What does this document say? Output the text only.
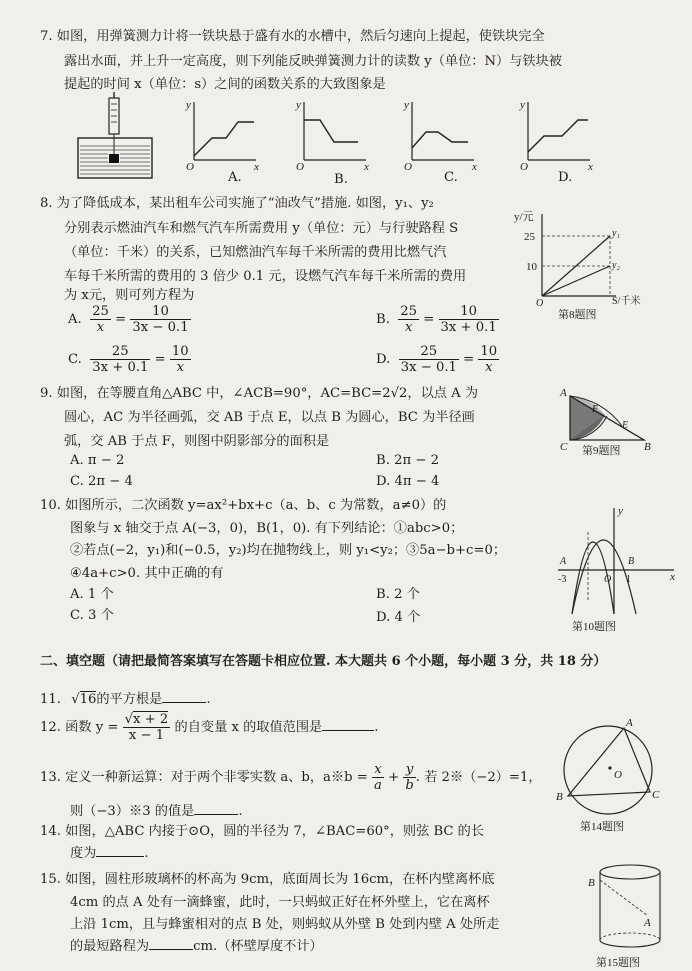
7. 如图，用弹簧测力计将一铁块悬于盛有水的水槽中，然后匀速向上提起，使铁块完全
露出水面，并上升一定高度，则下列能反映弹簧测力计的读数 y（单位：N）与铁块被
提起的时间 x（单位：s）之间的函数关系的大致图象是
y
x
O
A.
y
x
O
B.
y
x
O
C.
y
x
O
D.
8. 为了降低成本，某出租车公司实施了“油改气”措施. 如图，y₁、y₂
分别表示燃油汽车和燃气汽车所需费用 y（单位：元）与行驶路程 S
（单位：千米）的关系，已知燃油汽车每千米所需的费用比燃气汽
车每千米所需的费用的 3 倍少 0.1 元，设燃气汽车每千米所需的费用
为 x元，则可列方程为
A. $\frac{25}{x} = \frac{10}{3x - 0.1}$	B. $\frac{25}{x} = \frac{10}{3x + 0.1}$
C. $\frac{25}{3x + 0.1} = \frac{10}{x}$	D. $\frac{25}{3x - 0.1} = \frac{10}{x}$
y/元
25
10
y₁
y₂
O	S/千米
第8题图
9. 如图，在等腰直角△ABC 中，∠ACB=90°，AC=BC=2√2，以点 A 为
圆心，AC 为半径画弧，交 AB 于点 E，以点 B 为圆心，BC 为半径画
弧，交 AB 于点 F，则图中阴影部分的面积是
A. π − 2	B. 2π − 2
C. 2π − 4	D. 4π − 4
A
F
E
C	B
第9题图
10. 如图所示，二次函数 y=ax²+bx+c（a、b、c 为常数，a≠0）的
图象与 x 轴交于点 A(−3，0)，B(1，0). 有下列结论：①abc>0；
②若点(−2，y₁)和(−0.5，y₂)均在抛物线上，则 y₁<y₂；③5a−b+c=0；
④4a+c>0. 其中正确的有
A. 1 个	B. 2 个
C. 3 个	D. 4 个
y
x
A	B
-3	O 1
第10题图
二、填空题（请把最简答案填写在答题卡相应位置. 本大题共 6 个小题，每小题 3 分，共 18 分）
11. √16的平方根是	.
12. 函数 $y = \frac{√x + 2}{x - 1}$ 的自变量 x 的取值范围是	.
13. 定义一种新运算：对于两个非零实数 a、b，a※b = $\frac{x}{a} + \frac{y}{b}$ . 若 2※（−2）=1，
则（−3）※3 的值是	.
14. 如图，△ABC 内接于⊙O，圆的半径为 7，∠BAC=60°，则弦 BC 的长
度为	.
A
O
B	C
第14题图
15. 如图，圆柱形玻璃杯的杯高为 9cm，底面周长为 16cm，在杯内壁离杯底
4cm 的点 A 处有一滴蜂蜜，此时，一只蚂蚁正好在杯外壁上，它在离杯
上沿 1cm，且与蜂蜜相对的点 B 处，则蚂蚁从外壁 B 处到内壁 A 处所走
的最短路程为	cm.（杯壁厚度不计）
B
A
第15题图
